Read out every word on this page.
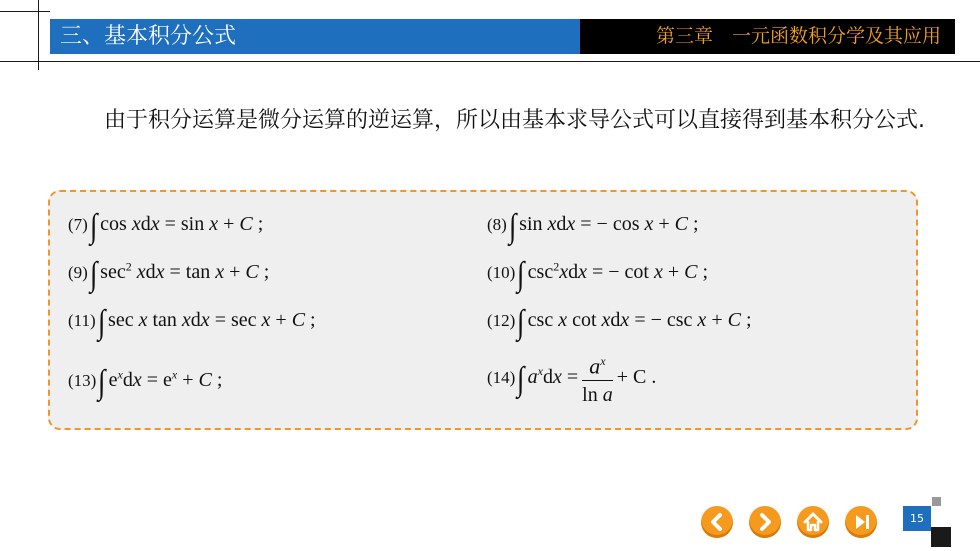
三、基本积分公式	第三章　一元函数积分学及其应用
由于积分运算是微分运算的逆运算，所以由基本求导公式可以直接得到基本积分公式.
(7)∫ cos xdx = sin x + C ;	(8)∫ sin xdx = − cos x + C ;
(9)∫ $\sec^2$ xdx = tan x + C ;	(10)∫ $\csc^2xdx$ = − cot x + C ;
(11)∫ sec x tan xdx = sec x + C ;	(12)∫ csc x cot xdx = − csc x + C ;
(13)∫ $e^xdx = e^x + C$ ;	(14)∫ $a^xdx = \frac{a^x}{\text{ln a}} + C$ .
15
